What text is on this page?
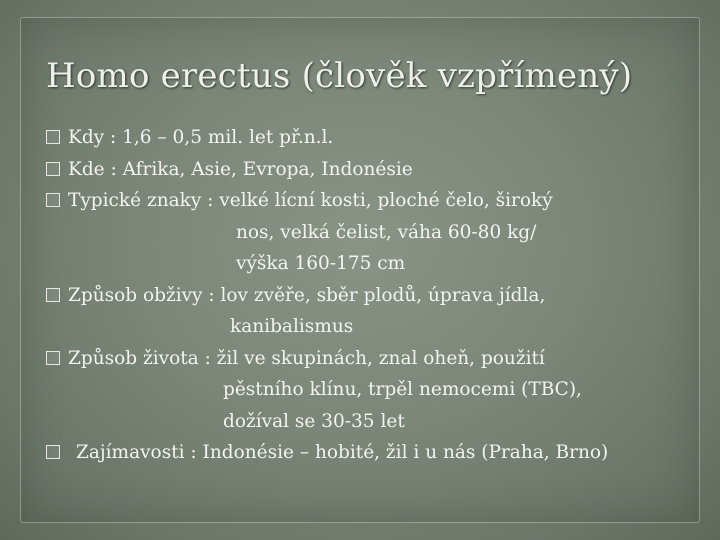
Homo erectus (člověk vzpřímený)
Kdy : 1,6 – 0,5 mil. let př.n.l.
Kde : Afrika, Asie, Evropa, Indonésie
Typické znaky : velké lícní kosti, ploché čelo, široký
nos, velká čelist, váha 60-80 kg/
výška 160-175 cm
Způsob obživy : lov zvěře, sběr plodů, úprava jídla,
kanibalismus
Způsob života : žil ve skupinách, znal oheň, použití
pěstního klínu, trpěl nemocemi (TBC),
dožíval se 30-35 let
Zajímavosti : Indonésie – hobité, žil i u nás (Praha, Brno)
